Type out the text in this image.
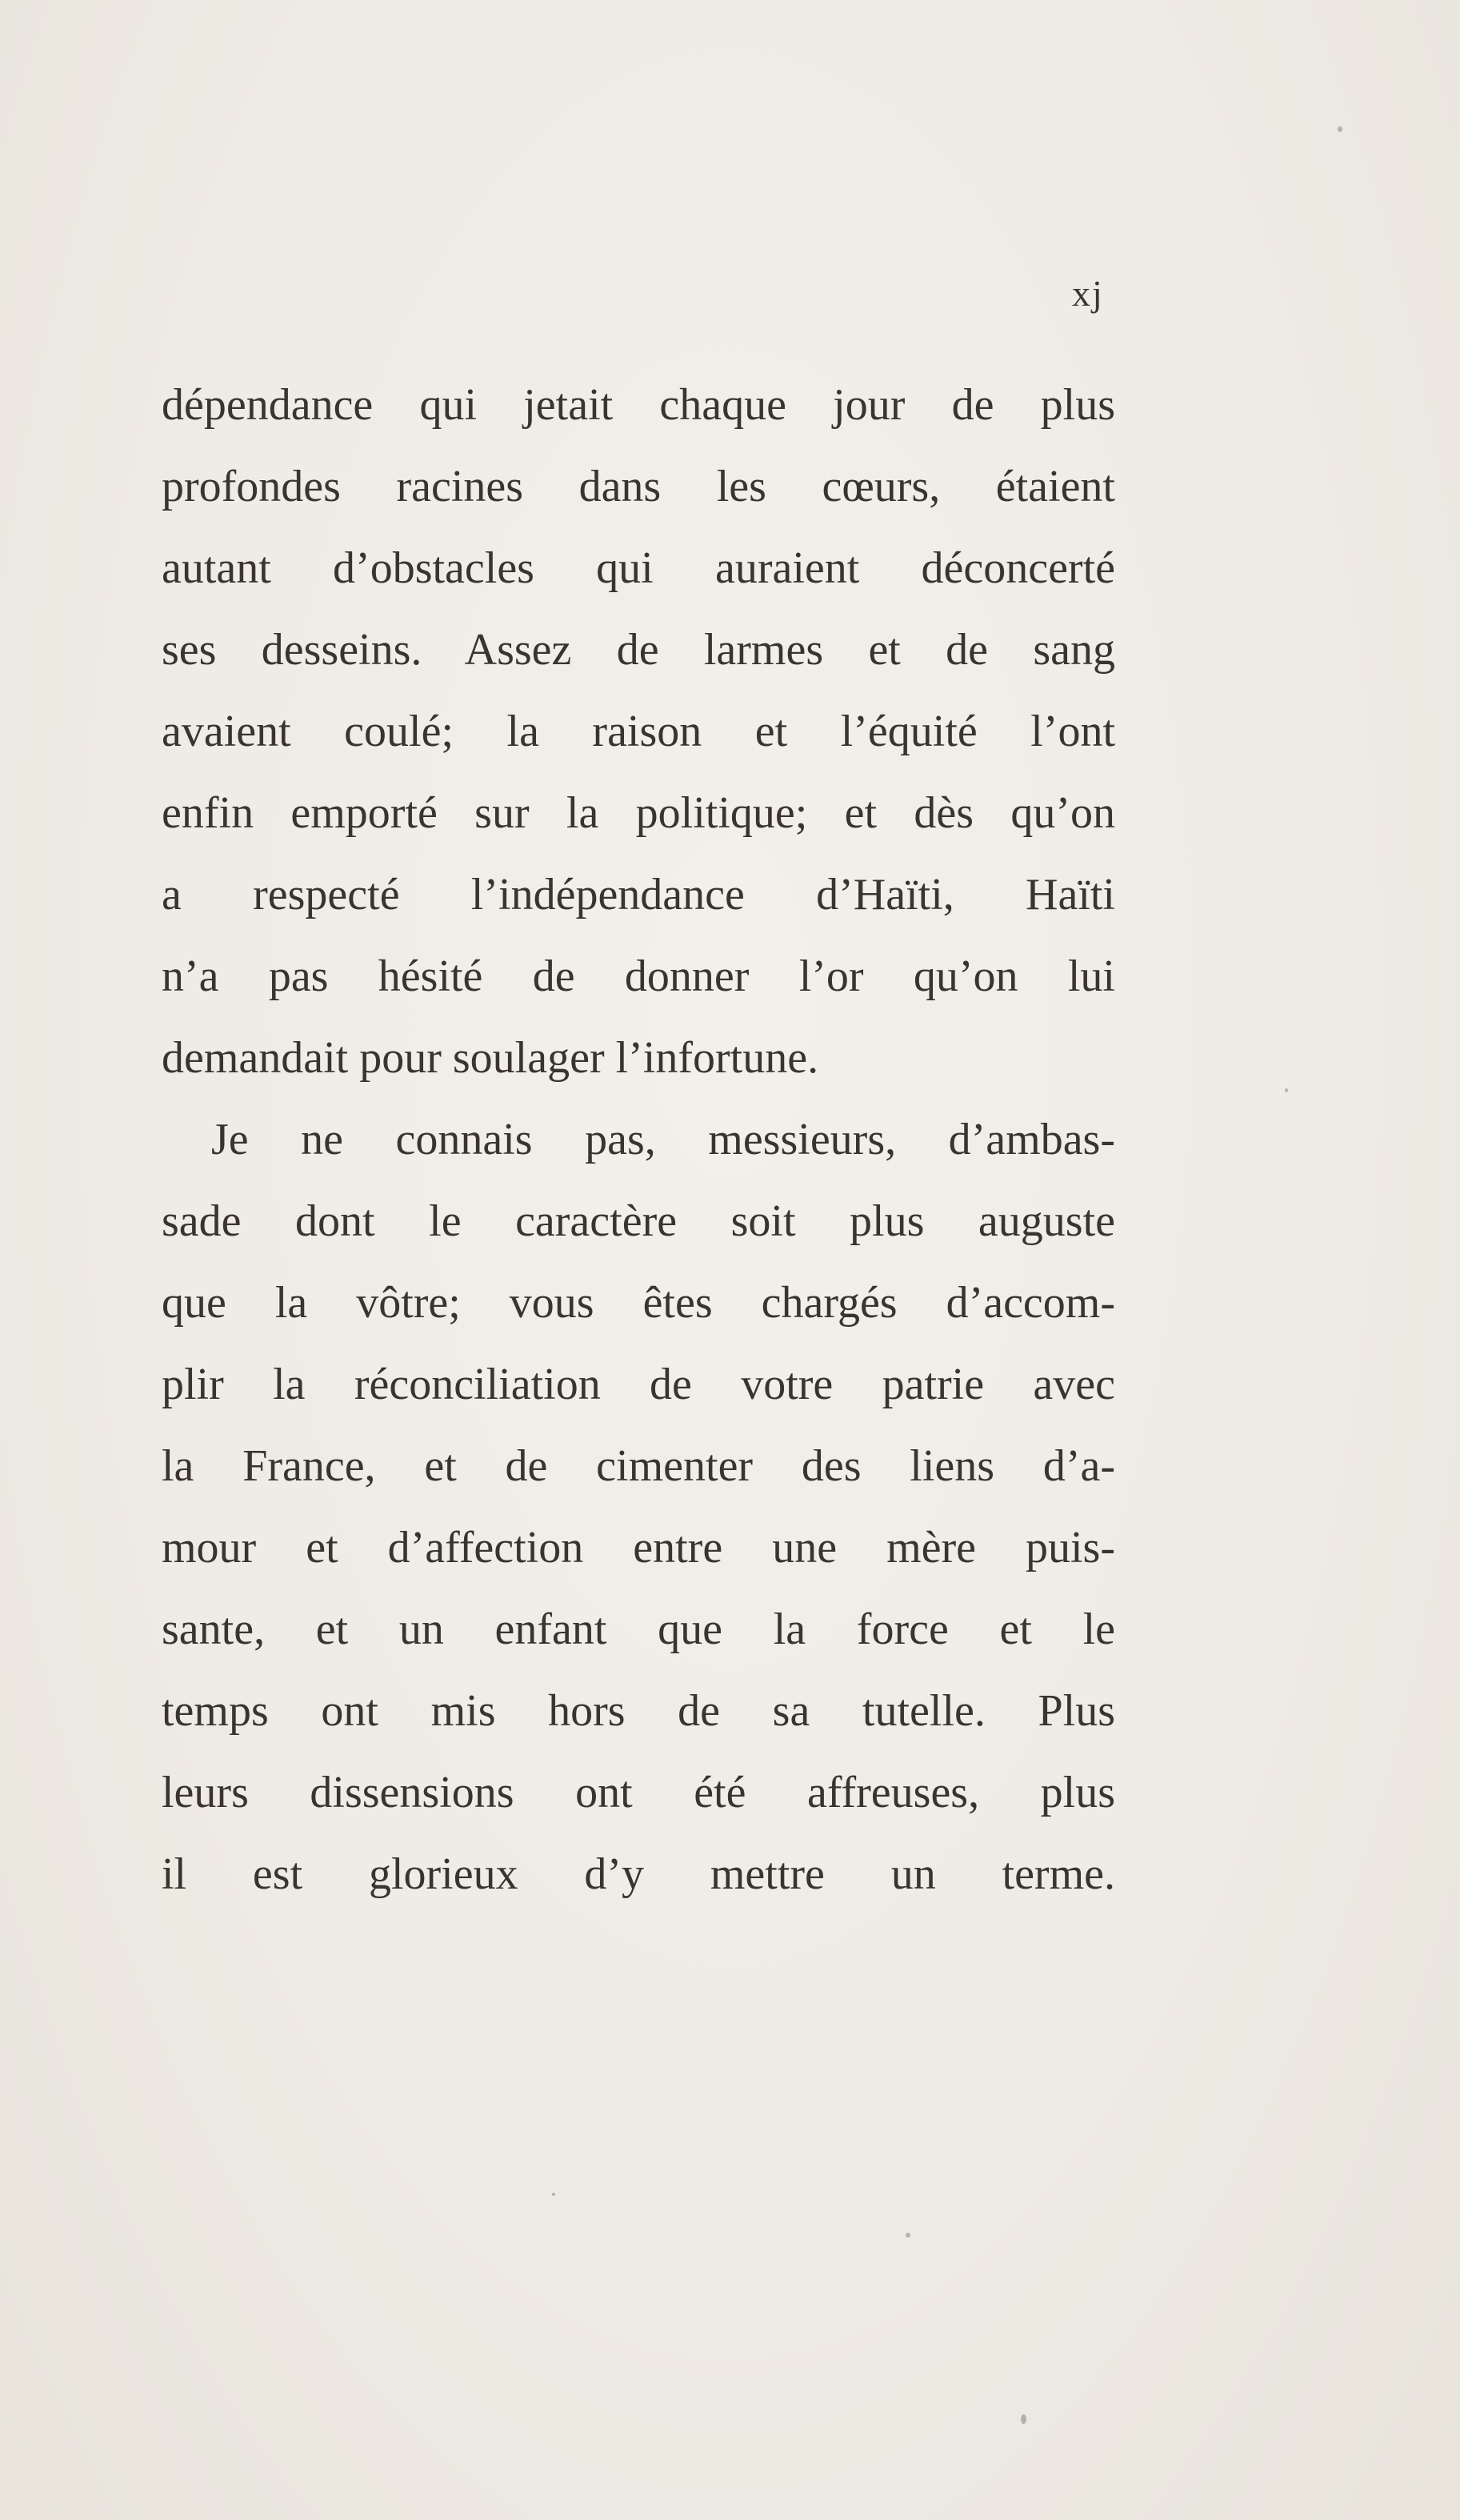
xj
dépendance qui jetait chaque jour de plus
profondes racines dans les cœurs, étaient
autant d’obstacles qui auraient déconcerté
ses desseins. Assez de larmes et de sang
avaient coulé; la raison et l’équité l’ont
enfin emporté sur la politique; et dès qu’on
a respecté l’indépendance d’Haïti, Haïti
n’a pas hésité de donner l’or qu’on lui
demandait pour soulager l’infortune.
Je ne connais pas, messieurs, d’ambas-
sade dont le caractère soit plus auguste
que la vôtre; vous êtes chargés d’accom-
plir la réconciliation de votre patrie avec
la France, et de cimenter des liens d’a-
mour et d’affection entre une mère puis-
sante, et un enfant que la force et le
temps ont mis hors de sa tutelle. Plus
leurs dissensions ont été affreuses, plus
il est glorieux d’y mettre un terme.
